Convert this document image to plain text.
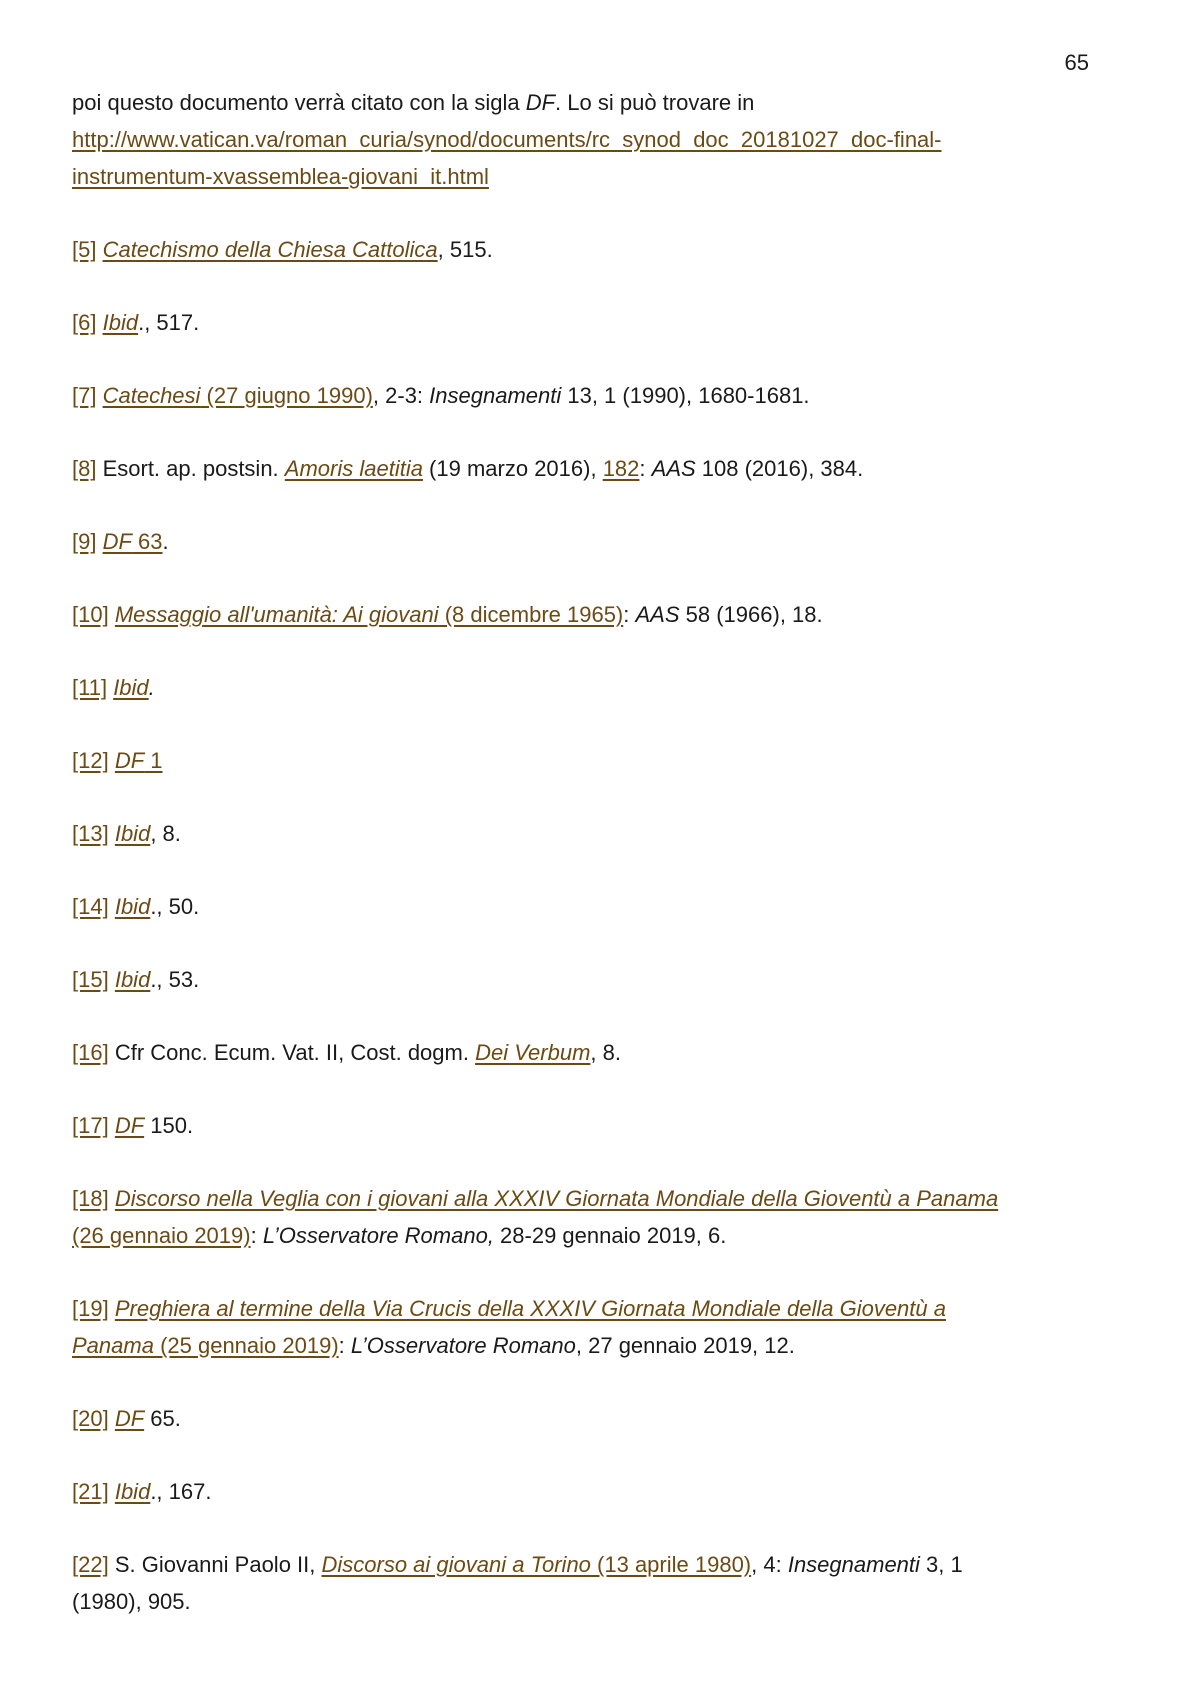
65

poi questo documento verrà citato con la sigla DF. Lo si può trovare in
http://www.vatican.va/roman_curia/synod/documents/rc_synod_doc_20181027_doc-final-
instrumentum-xvassemblea-giovani_it.html

[5] Catechismo della Chiesa Cattolica, 515.

[6] Ibid., 517.

[7] Catechesi (27 giugno 1990), 2-3: Insegnamenti 13, 1 (1990), 1680-1681.

[8] Esort. ap. postsin. Amoris laetitia (19 marzo 2016), 182: AAS 108 (2016), 384.

[9] DF 63.

[10] Messaggio all'umanità: Ai giovani (8 dicembre 1965): AAS 58 (1966), 18.

[11] Ibid.

[12] DF 1

[13] Ibid, 8.

[14] Ibid., 50.

[15] Ibid., 53.

[16] Cfr Conc. Ecum. Vat. II, Cost. dogm. Dei Verbum, 8.

[17] DF 150.

[18] Discorso nella Veglia con i giovani alla XXXIV Giornata Mondiale della Gioventù a Panama
(26 gennaio 2019): L’Osservatore Romano, 28-29 gennaio 2019, 6.

[19] Preghiera al termine della Via Crucis della XXXIV Giornata Mondiale della Gioventù a
Panama (25 gennaio 2019): L’Osservatore Romano, 27 gennaio 2019, 12.

[20] DF 65.

[21] Ibid., 167.

[22] S. Giovanni Paolo II, Discorso ai giovani a Torino (13 aprile 1980), 4: Insegnamenti 3, 1
(1980), 905.
